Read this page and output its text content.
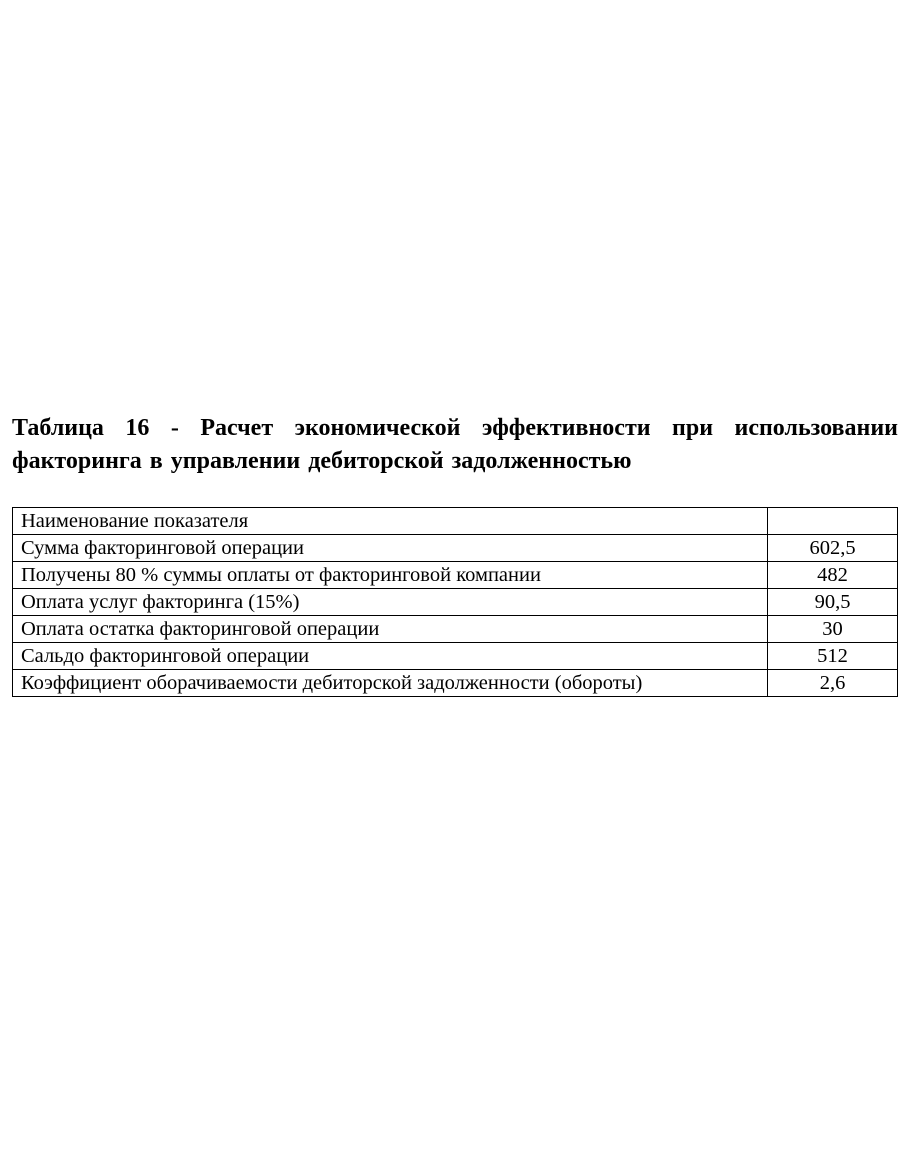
Таблица 16 - Расчет экономической эффективности при использовании факторинга в управлении дебиторской задолженностью

Наименование показателя	
Сумма факторинговой операции	602,5
Получены 80 % суммы оплаты от факторинговой компании	482
Оплата услуг факторинга (15%)	90,5
Оплата остатка факторинговой операции	30
Сальдо факторинговой операции	512
Коэффициент оборачиваемости дебиторской задолженности (обороты)	2,6
